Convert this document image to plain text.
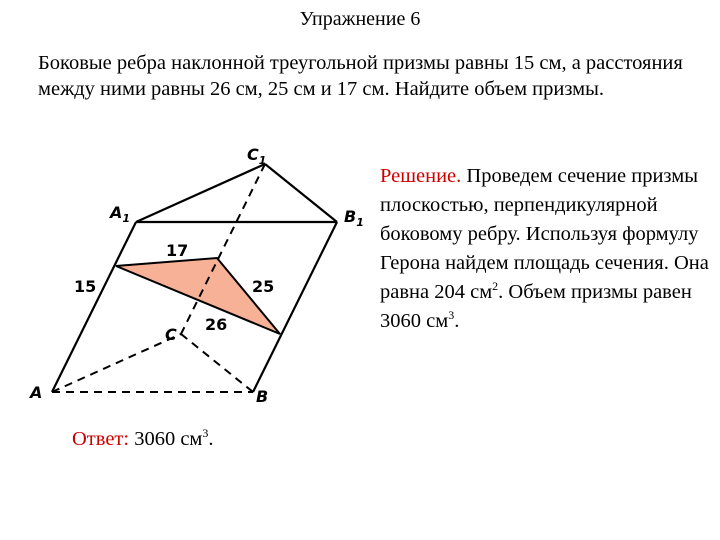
Упражнение 6
Боковые ребра наклонной треугольной призмы равны 15 см, а расстояния между ними равны 26 см, 25 см и 17 см. Найдите объем призмы.
Решение. Проведем сечение призмы плоскостью, перпендикулярной боковому ребру. Используя формулу Герона найдем площадь сечения. Она равна 204 $см^2$. Объем призмы равен 3060 $см^3$.
Ответ: 3060 $см^3$.
$C_1$
$A_1$	$B_1$
C
A	B
15
17
25
26
